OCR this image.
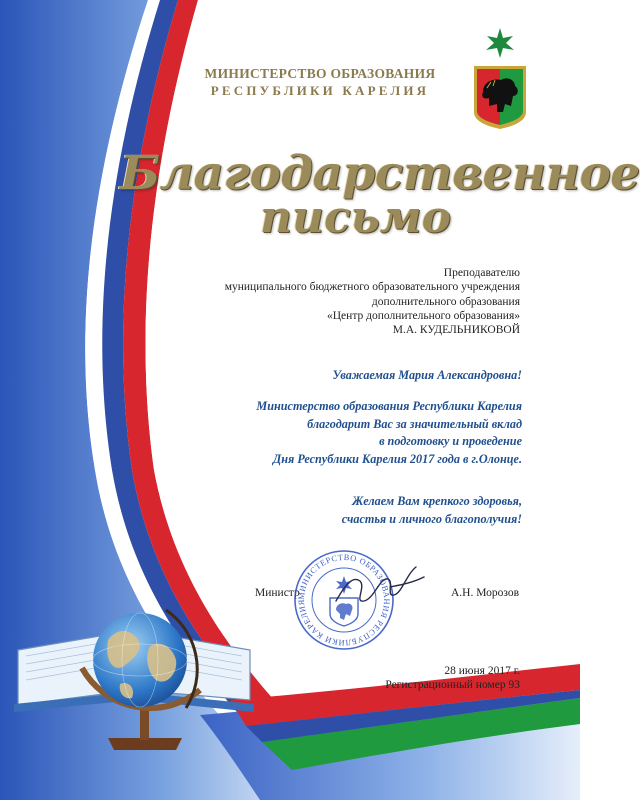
МИНИСТЕРСТВО ОБРАЗОВАНИЯ
РЕСПУБЛИКИ КАРЕЛИЯ
Благодарственное
письмо
Преподавателю
муниципального бюджетного образовательного учреждения
дополнительного образования
«Центр дополнительного образования»
М.А. КУДЕЛЬНИКОВОЙ
Уважаемая Мария Александровна!
Министерство образования Республики Карелия
благодарит Вас за значительный вклад
в подготовку и проведение
Дня Республики Карелия 2017 года в г.Олонце.
Желаем Вам крепкого здоровья,
счастья и личного благополучия!
Министр	А.Н. Морозов
МИНИСТЕРСТВО ОБРАЗОВАНИЯ РЕСПУБЛИКИ КАРЕЛИЯ
28 июня 2017 г.
Регистрационный номер 93
